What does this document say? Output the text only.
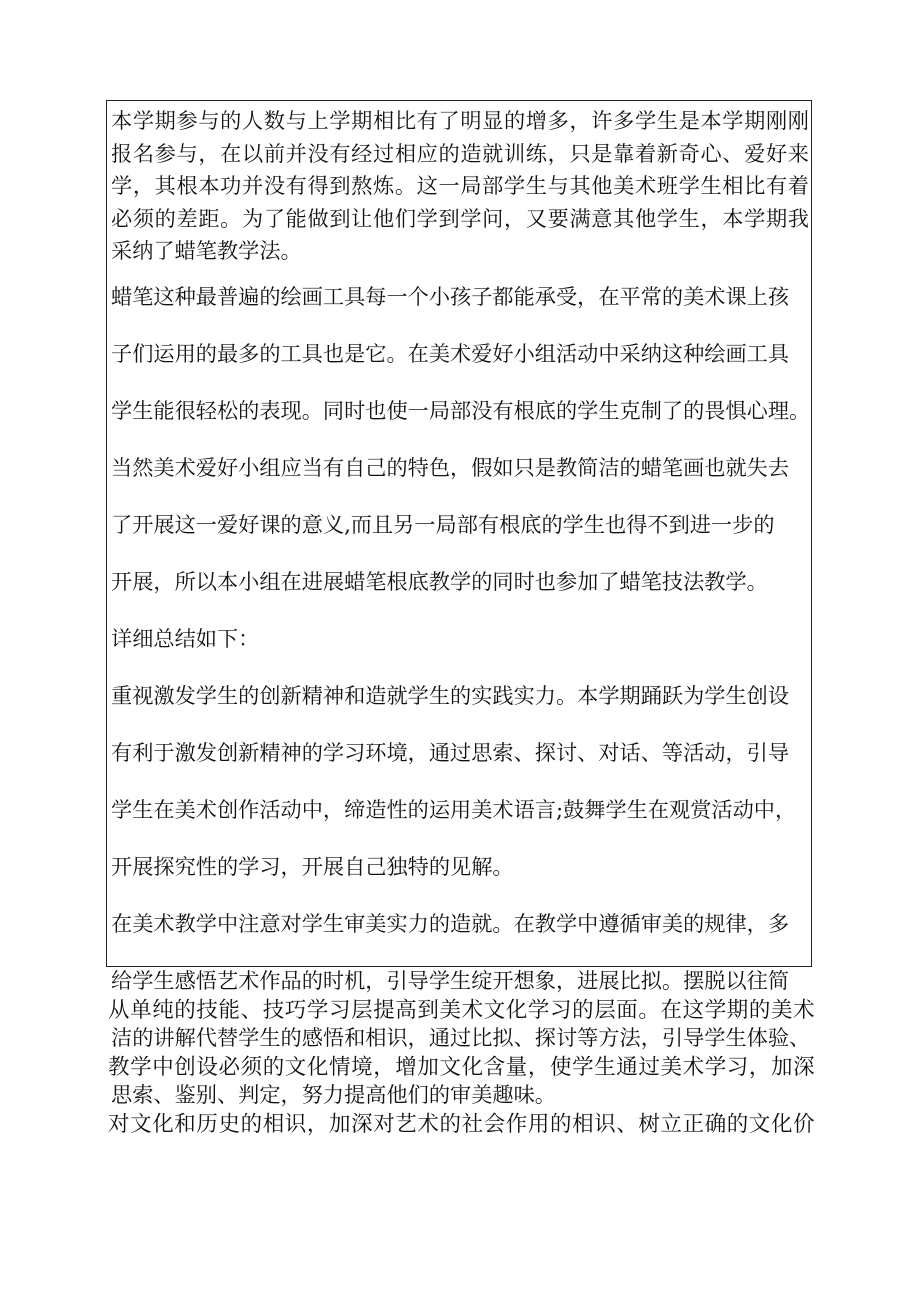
本学期参与的人数与上学期相比有了明显的增多，许多学生是本学期刚刚报名参与，在以前并没有经过相应的造就训练，只是靠着新奇心、爱好来学，其根本功并没有得到熬炼。这一局部学生与其他美术班学生相比有着必须的差距。为了能做到让他们学到学问，又要满意其他学生，本学期我采纳了蜡笔教学法。

蜡笔这种最普遍的绘画工具每一个小孩子都能承受，在平常的美术课上孩
子们运用的最多的工具也是它。在美术爱好小组活动中采纳这种绘画工具
学生能很轻松的表现。同时也使一局部没有根底的学生克制了的畏惧心理。
当然美术爱好小组应当有自己的特色，假如只是教简洁的蜡笔画也就失去
了开展这一爱好课的意义,而且另一局部有根底的学生也得不到进一步的
开展，所以本小组在进展蜡笔根底教学的同时也参加了蜡笔技法教学。
详细总结如下：
重视激发学生的创新精神和造就学生的实践实力。本学期踊跃为学生创设
有利于激发创新精神的学习环境，通过思索、探讨、对话、等活动，引导
学生在美术创作活动中，缔造性的运用美术语言;鼓舞学生在观赏活动中，
开展探究性的学习，开展自己独特的见解。
在美术教学中注意对学生审美实力的造就。在教学中遵循审美的规律，多
给学生感悟艺术作品的时机，引导学生绽开想象，进展比拟。摆脱以往简
洁的讲解代替学生的感悟和相识，通过比拟、探讨等方法，引导学生体验、
思索、鉴别、判定，努力提高他们的审美趣味。
从单纯的技能、技巧学习层提高到美术文化学习的层面。在这学期的美术
教学中创设必须的文化情境，增加文化含量，使学生通过美术学习，加深
对文化和历史的相识，加深对艺术的社会作用的相识、树立正确的文化价
